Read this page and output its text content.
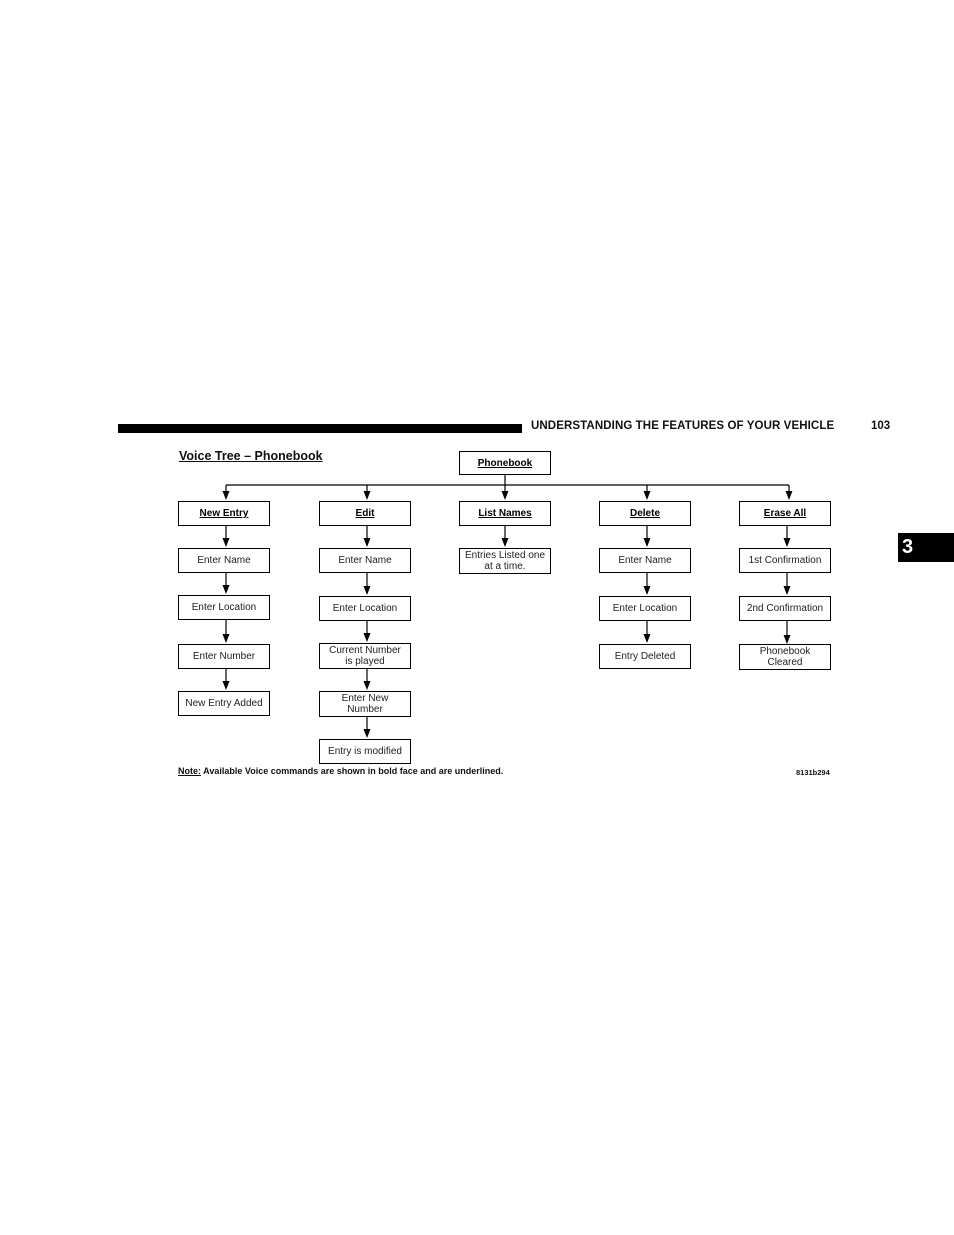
UNDERSTANDING THE FEATURES OF YOUR VEHICLE	103
3
Voice Tree – Phonebook	Phonebook
New Entry	Edit	List Names	Delete	Erase All
Enter Name
Enter Location
Enter Number
New Entry Added
Enter Name
Enter Location
Current Number
is played
Enter New
Number
Entry is modified
Entries Listed one
at a time.
Enter Name
Enter Location
Entry Deleted
1st Confirmation
2nd Confirmation
Phonebook
Cleared
Note: Available Voice commands are shown in bold face and are underlined.	8131b294
